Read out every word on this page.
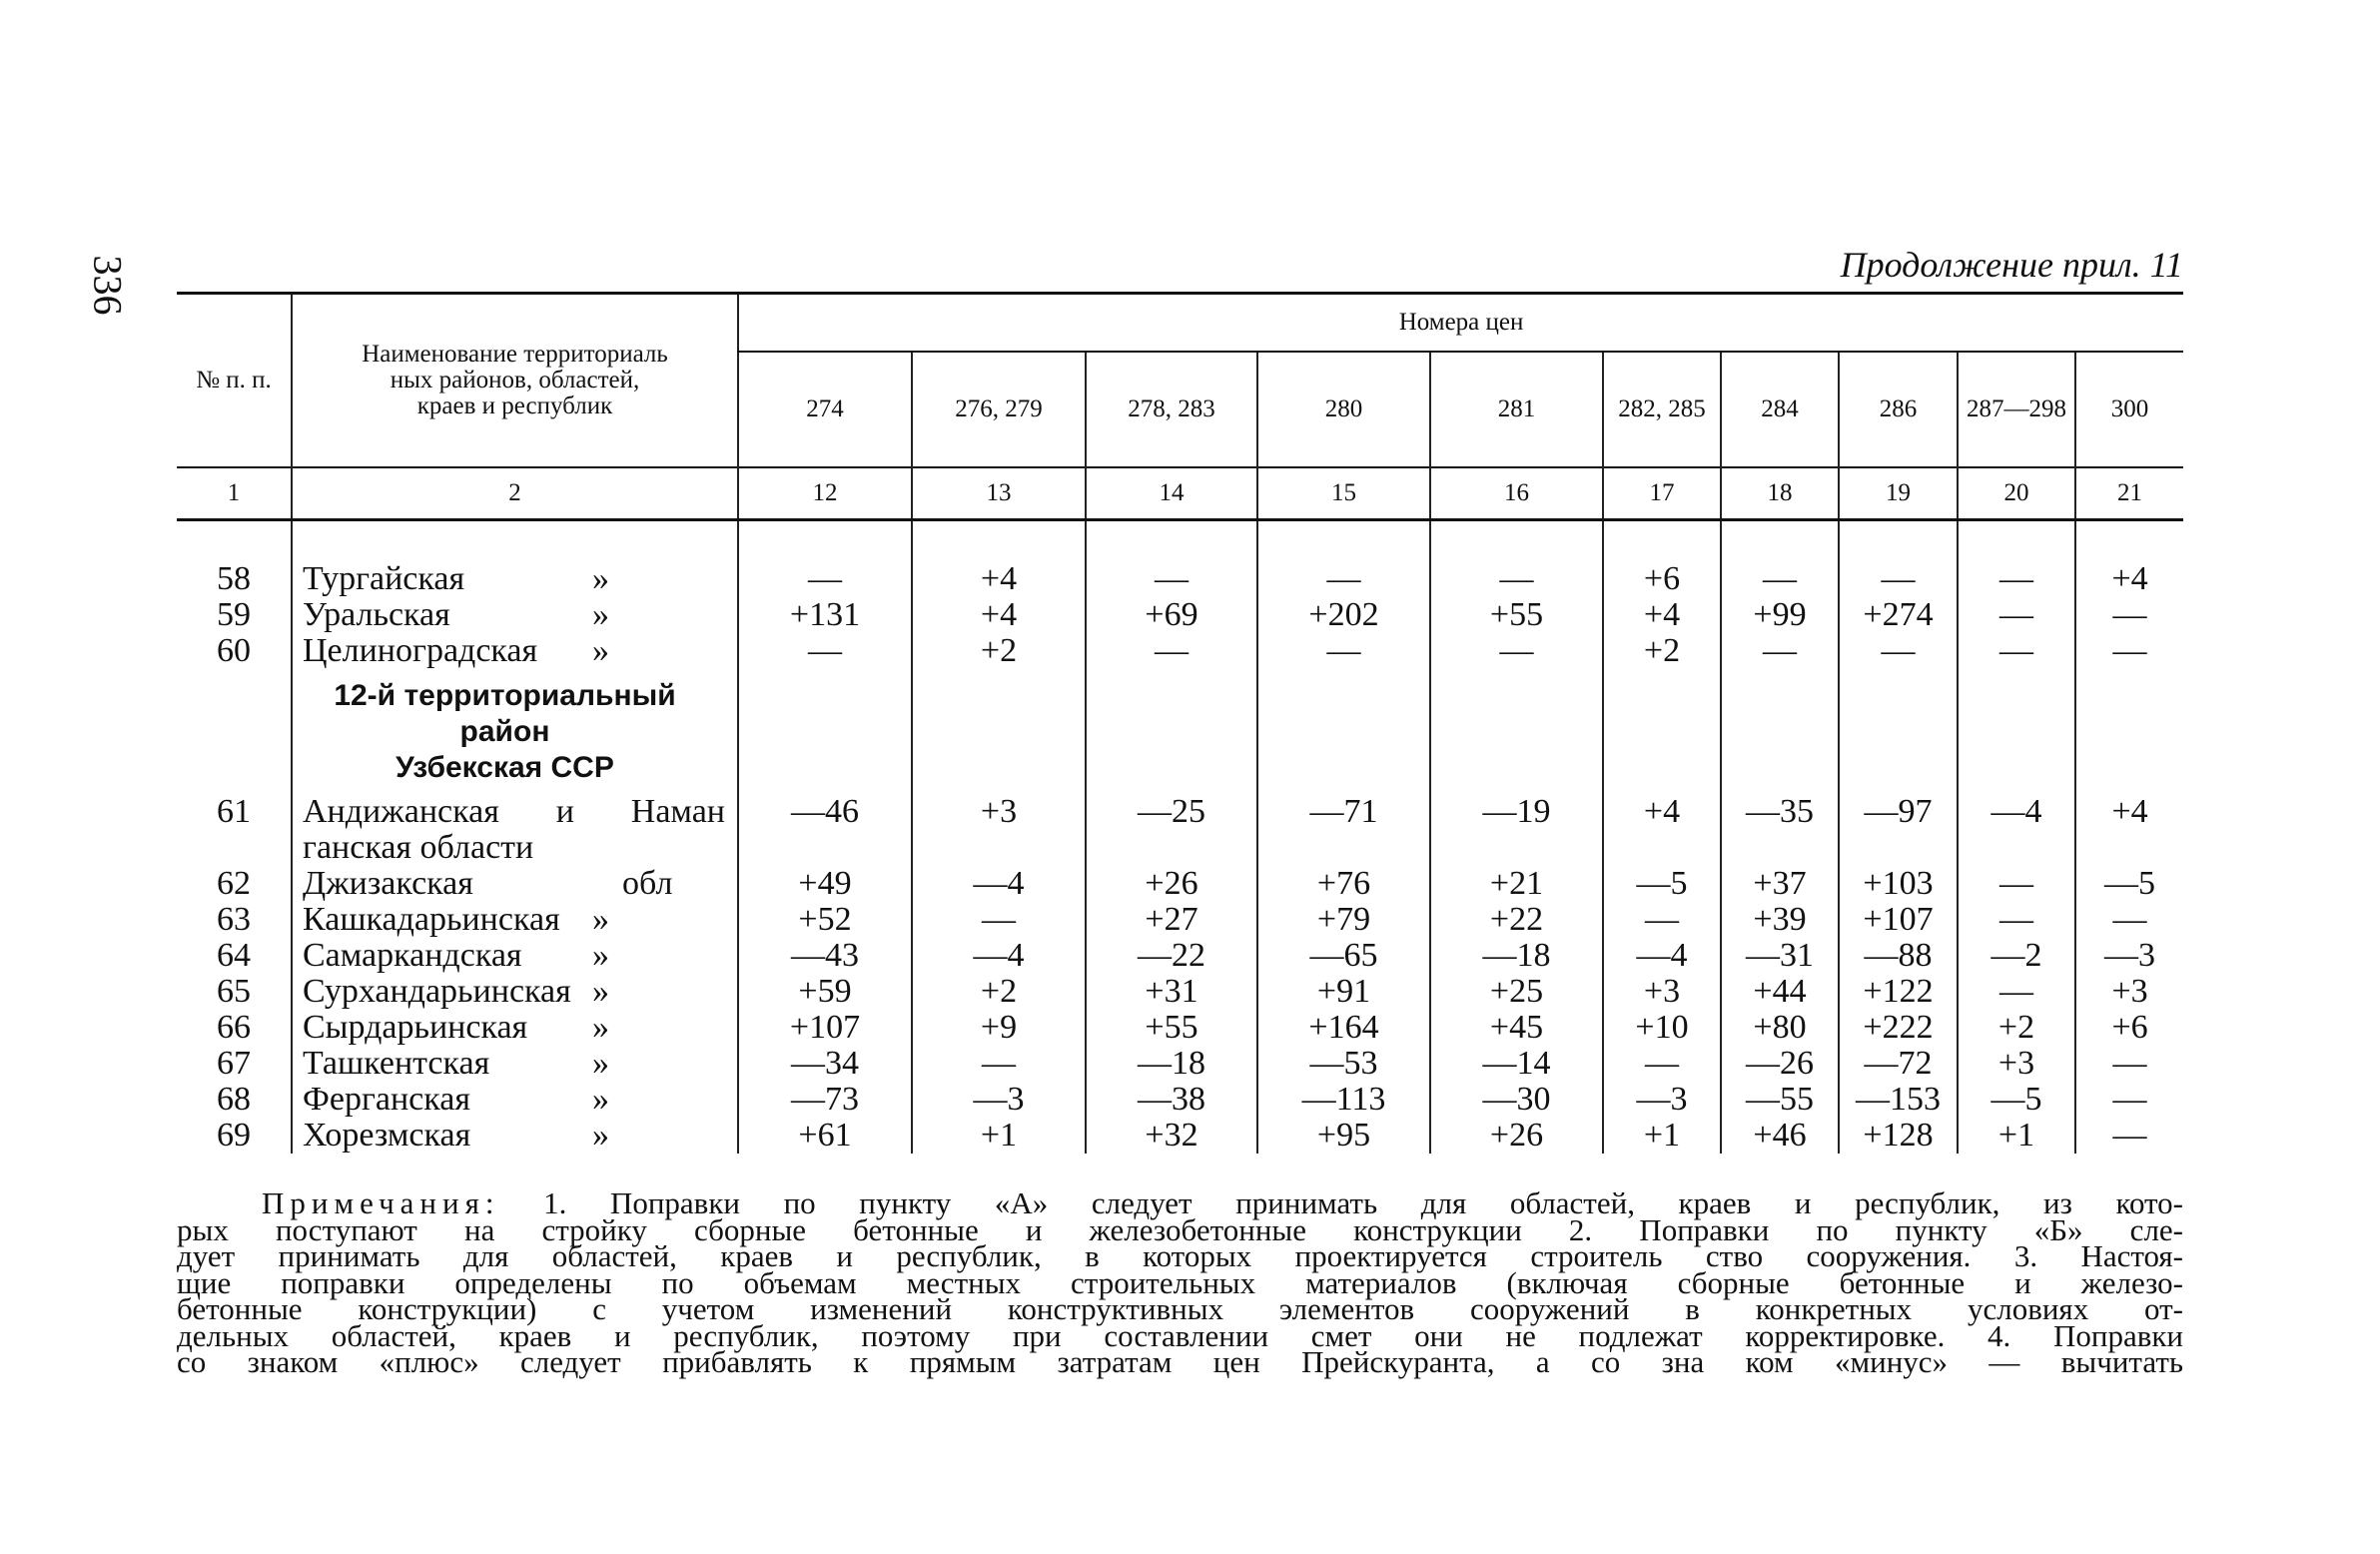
336	Продолжение прил. 11
№ п. п.	Наименование территориаль
ных районов, областей,
краев и республик	Номера цен									
		274	276, 279	278, 283	280	281	282, 285	284	286	287—298	300
1	2	12	13	14	15	16	17	18	19	20	21

58	Тургайская »	—	+4	—	—	—	+6	—	—	—	+4
59	Уральская »	+131	+4	+69	+202	+55	+4	+99	+274	—	—
60	Целиноградская »	—	+2	—	—	—	+2	—	—	—	—

	12-й территориальный
район
Узбекская ССР										

61	Андижанская и Наман
ганская области	—46	+3	—25	—71	—19	+4	—35	—97	—4	+4
62	Джизакская обл	+49	—4	+26	+76	+21	—5	+37	+103	—	—5
63	Кашкадарьинская »	+52	—	+27	+79	+22	—	+39	+107	—	—
64	Самаркандская »	—43	—4	—22	—65	—18	—4	—31	—88	—2	—3
65	Сурхандарьинская »	+59	+2	+31	+91	+25	+3	+44	+122	—	+3
66	Сырдарьинская »	+107	+9	+55	+164	+45	+10	+80	+222	+2	+6
67	Ташкентская »	—34	—	—18	—53	—14	—	—26	—72	+3	—
68	Ферганская »	—73	—3	—38	—113	—30	—3	—55	—153	—5	—
69	Хорезмская »	+61	+1	+32	+95	+26	+1	+46	+128	+1	—
Примечания: 1. Поправки по пункту «А» следует принимать для областей, краев и республик, из кото-
рых поступают на стройку сборные бетонные и железобетонные конструкции 2. Поправки по пункту «Б» сле-
дует принимать для областей, краев и республик, в которых проектируется строитель ство сооружения. 3. Настоя-
щие поправки определены по объемам местных строительных материалов (включая сборные бетонные и железо-
бетонные конструкции) с учетом изменений конструктивных элементов сооружений в конкретных условиях от-
дельных областей, краев и республик, поэтому при составлении смет они не подлежат корректировке. 4. Поправки
со знаком «плюс» следует прибавлять к прямым затратам цен Прейскуранта, а со зна ком «минус» — вычитать
